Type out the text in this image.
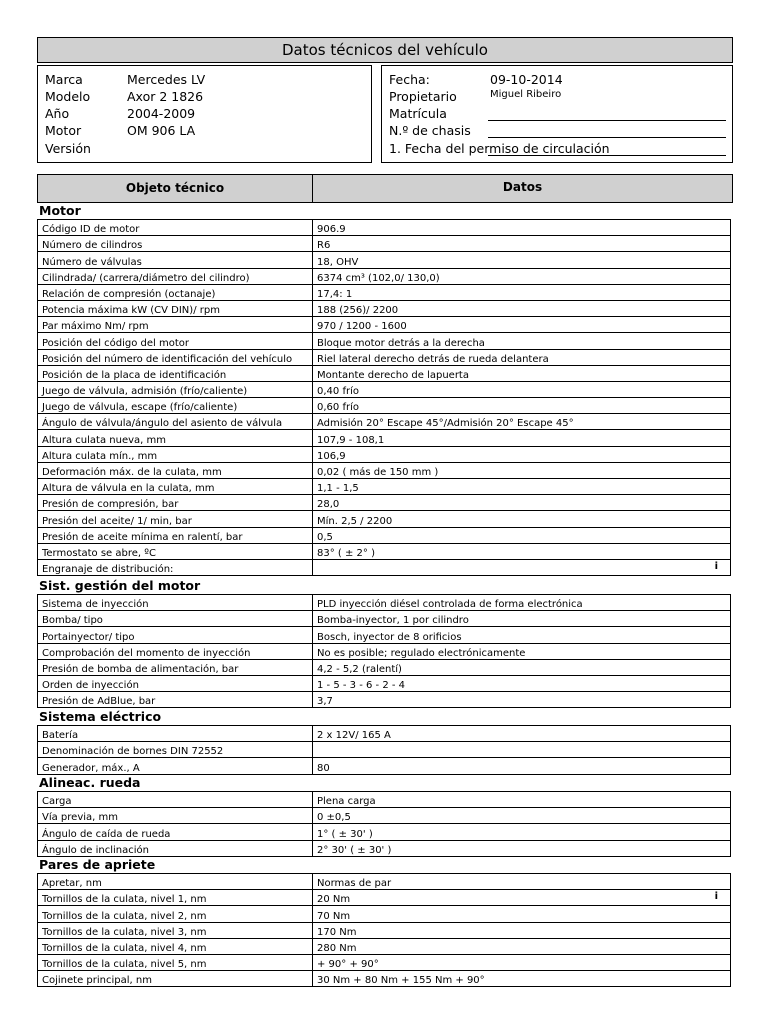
Datos técnicos del vehículo
Marca	Mercedes LV
Modelo	Axor 2 1826
Año	2004-2009
Motor	OM 906 LA
Versión
Fecha:	09-10-2014
Propietario	Miguel Ribeiro
Matrícula
N.º de chasis
1. Fecha del permiso de circulación
Objeto técnico	Datos
Motor
Código ID de motor	906.9
Número de cilindros	R6
Número de válvulas	18, OHV
Cilindrada/ (carrera/diámetro del cilindro)	6374 cm³ (102,0/ 130,0)
Relación de compresión (octanaje)	17,4: 1
Potencia máxima kW (CV DIN)/ rpm	188 (256)/ 2200
Par máximo Nm/ rpm	970 / 1200 - 1600
Posición del código del motor	Bloque motor detrás a la derecha
Posición del número de identificación del vehículo	Riel lateral derecho detrás de rueda delantera
Posición de la placa de identificación	Montante derecho de lapuerta
Juego de válvula, admisión (frío/caliente)	0,40 frío
Juego de válvula, escape (frío/caliente)	0,60 frío
Ángulo de válvula/ángulo del asiento de válvula	Admisión 20° Escape 45°/Admisión 20° Escape 45°
Altura culata nueva, mm	107,9 - 108,1
Altura culata mín., mm	106,9
Deformación máx. de la culata, mm	0,02 ( más de 150 mm )
Altura de válvula en la culata, mm	1,1 - 1,5
Presión de compresión, bar	28,0
Presión del aceite/ 1/ min, bar	Mín. 2,5 / 2200
Presión de aceite mínima en ralentí, bar	0,5
Termostato se abre, ºC	83° ( ± 2° )
Engranaje de distribución:	i
Sist. gestión del motor
Sistema de inyección	PLD inyección diésel controlada de forma electrónica
Bomba/ tipo	Bomba-inyector, 1 por cilindro
Portainyector/ tipo	Bosch, inyector de 8 orificios
Comprobación del momento de inyección	No es posible; regulado electrónicamente
Presión de bomba de alimentación, bar	4,2 - 5,2 (ralentí)
Orden de inyección	1 - 5 - 3 - 6 - 2 - 4
Presión de AdBlue, bar	3,7
Sistema eléctrico
Batería	2 x 12V/ 165 A
Denominación de bornes DIN 72552	
Generador, máx., A	80
Alineac. rueda
Carga	Plena carga
Vía previa, mm	0 ±0,5
Ángulo de caída de rueda	1° ( ± 30' )
Ángulo de inclinación	2° 30' ( ± 30' )
Pares de apriete
Apretar, nm	Normas de par
Tornillos de la culata, nivel 1, nm	20 Nm i

Tornillos de la culata, nivel 2, nm	70 Nm
Tornillos de la culata, nivel 3, nm	170 Nm
Tornillos de la culata, nivel 4, nm	280 Nm
Tornillos de la culata, nivel 5, nm	+ 90° + 90°
Cojinete principal, nm	30 Nm + 80 Nm + 155 Nm + 90°
